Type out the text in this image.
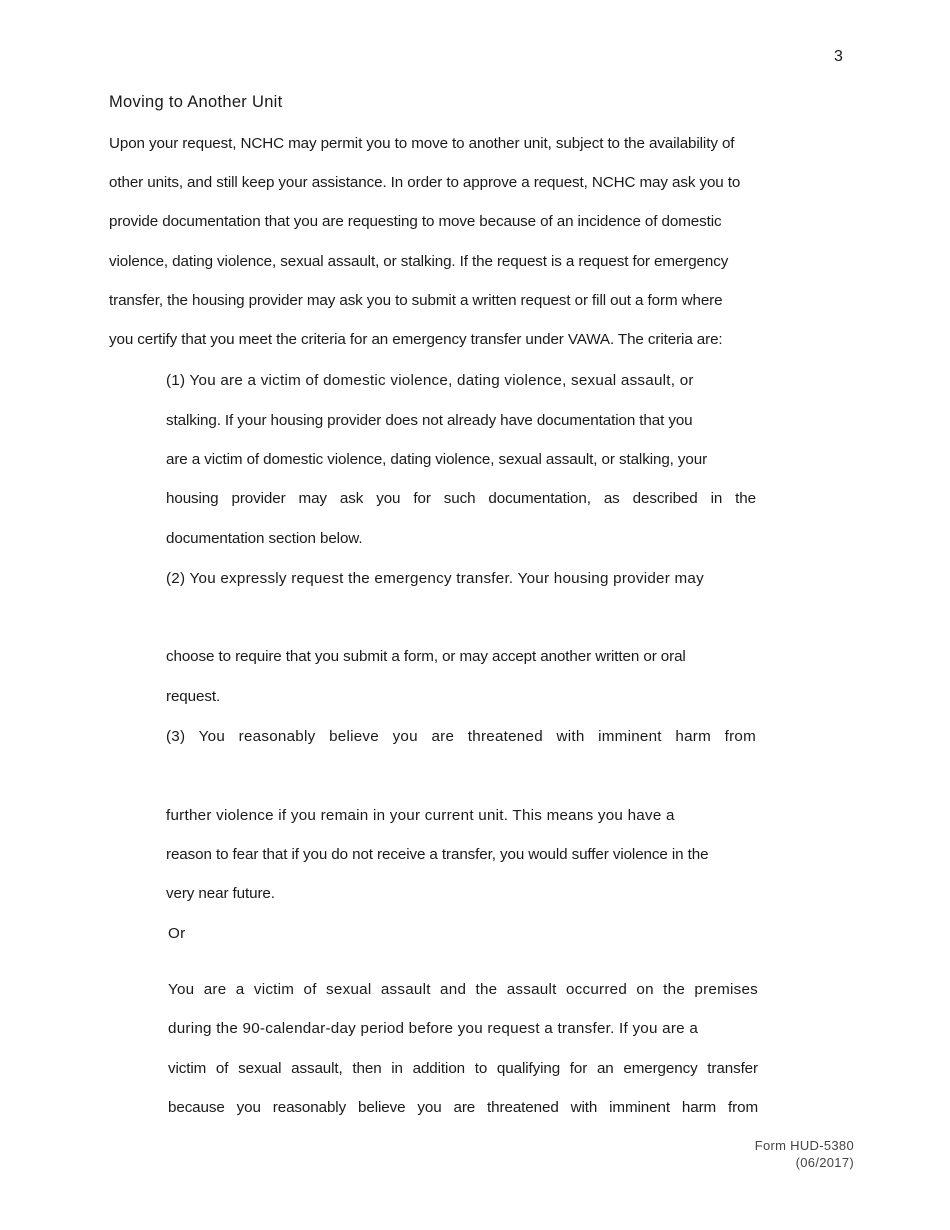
3
Moving to Another Unit
Upon your request, NCHC may permit you to move to another unit, subject to the availability of
other units, and still keep your assistance. In order to approve a request, NCHC may ask you to
provide documentation that you are requesting to move because of an incidence of domestic
violence, dating violence, sexual assault, or stalking. If the request is a request for emergency
transfer, the housing provider may ask you to submit a written request or fill out a form where
you certify that you meet the criteria for an emergency transfer under VAWA. The criteria are:
(1) You are a victim of domestic violence, dating violence, sexual assault, or
stalking. If your housing provider does not already have documentation that you
are a victim of domestic violence, dating violence, sexual assault, or stalking, your
housing provider may ask you for such documentation, as described in the
documentation section below.
(2) You expressly request the emergency transfer. Your housing provider may
choose to require that you submit a form, or may accept another written or oral
request.
(3) You reasonably believe you are threatened with imminent harm from
further violence if you remain in your current unit. This means you have a
reason to fear that if you do not receive a transfer, you would suffer violence in the
very near future.
Or
You are a victim of sexual assault and the assault occurred on the premises
during the 90-calendar-day period before you request a transfer. If you are a
victim of sexual assault, then in addition to qualifying for an emergency transfer
because you reasonably believe you are threatened with imminent harm from
Form HUD-5380
(06/2017)
